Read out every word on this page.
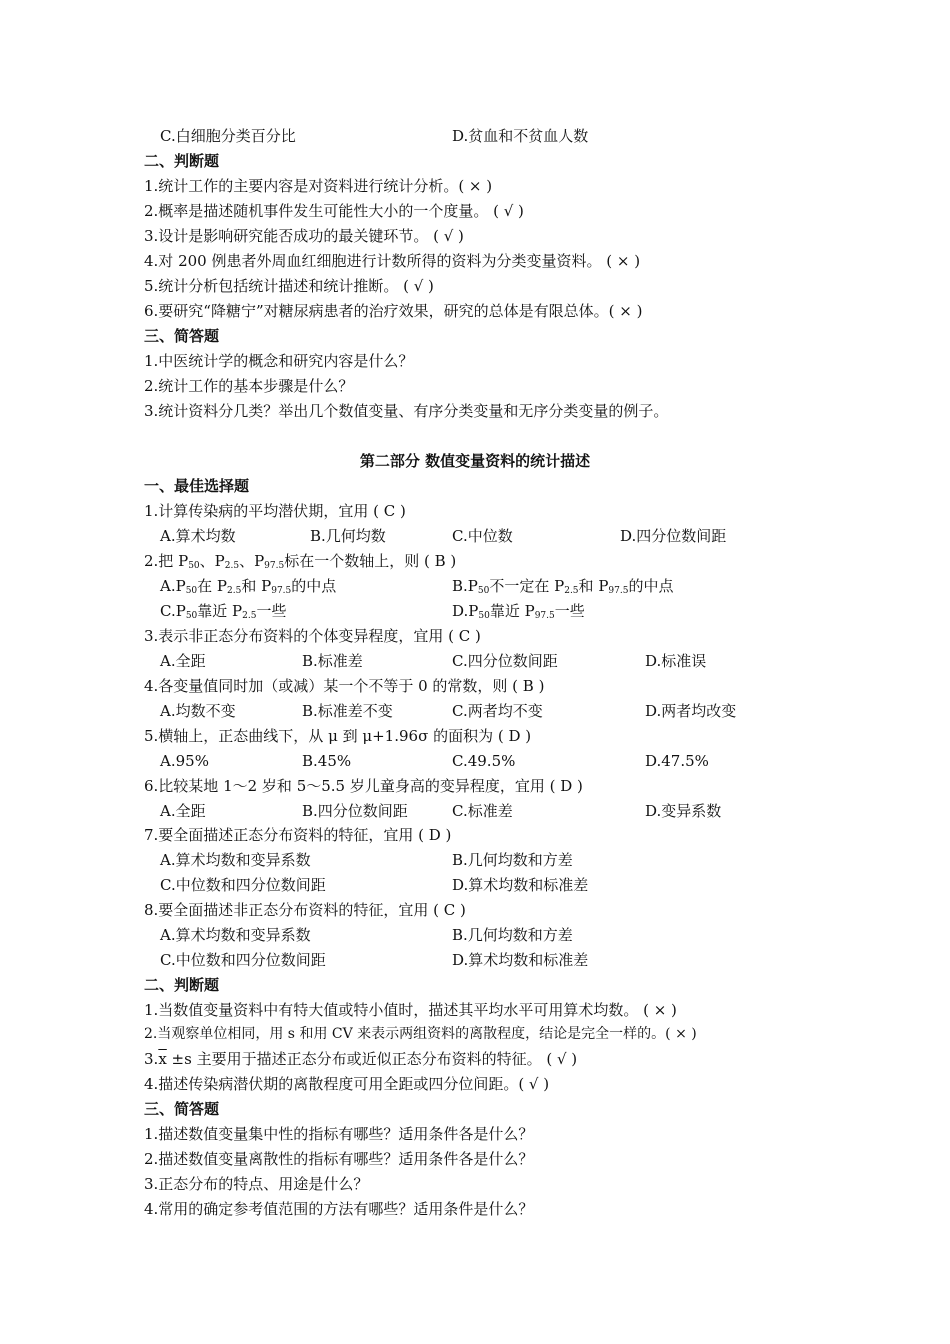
C.白细胞分类百分比	D.贫血和不贫血人数
二、判断题
1.统计工作的主要内容是对资料进行统计分析。( × )
2.概率是描述随机事件发生可能性大小的一个度量。 ( √ )
3.设计是影响研究能否成功的最关键环节。 ( √ )
4.对 200 例患者外周血红细胞进行计数所得的资料为分类变量资料。 ( × )
5.统计分析包括统计描述和统计推断。 ( √ )
6.要研究“降糖宁”对糖尿病患者的治疗效果，研究的总体是有限总体。( × )
三、简答题
1.中医统计学的概念和研究内容是什么？
2.统计工作的基本步骤是什么？
3.统计资料分几类？举出几个数值变量、有序分类变量和无序分类变量的例子。
第二部分 数值变量资料的统计描述
一、最佳选择题
1.计算传染病的平均潜伏期，宜用 ( C )
A.算术均数	B.几何均数	C.中位数	D.四分位数间距
2.把 $P_{50}$、$P_{2.5}$、$P_{97.5}$标在一个数轴上，则 ( B )
$A.P_{50}$在 $P_{2.5}$和 $P_{97.5}$的中点	$B.P_{50}$不一定在 $P_{2.5}$和 $P_{97.5}$的中点
$C.P_{50}$靠近 $P_{2.5}$一些	$D.P_{50}$靠近 $P_{97.5}$一些
3.表示非正态分布资料的个体变异程度，宜用 ( C )
A.全距	B.标准差	C.四分位数间距	D.标准误
4.各变量值同时加（或减）某一个不等于 0 的常数，则 ( B )
A.均数不变	B.标准差不变	C.两者均不变	D.两者均改变
5.横轴上，正态曲线下，从 μ 到 μ+1.96σ 的面积为 ( D )
A.95%	B.45%	C.49.5%	D.47.5%
6.比较某地 1～2 岁和 5～5.5 岁儿童身高的变异程度，宜用 ( D )
A.全距	B.四分位数间距	C.标准差	D.变异系数
7.要全面描述正态分布资料的特征，宜用 ( D )
A.算术均数和变异系数	B.几何均数和方差
C.中位数和四分位数间距	D.算术均数和标准差
8.要全面描述非正态分布资料的特征，宜用 ( C )
A.算术均数和变异系数	B.几何均数和方差
C.中位数和四分位数间距	D.算术均数和标准差
二、判断题
1.当数值变量资料中有特大值或特小值时，描述其平均水平可用算术均数。 ( × )
2.当观察单位相同，用 s 和用 CV 来表示两组资料的离散程度，结论是完全一样的。( × )
$3.\overline{x} \pm s$ 主要用于描述正态分布或近似正态分布资料的特征。 ( √ )
4.描述传染病潜伏期的离散程度可用全距或四分位间距。( √ )
三、简答题
1.描述数值变量集中性的指标有哪些？适用条件各是什么？
2.描述数值变量离散性的指标有哪些？适用条件各是什么？
3.正态分布的特点、用途是什么？
4.常用的确定参考值范围的方法有哪些？适用条件是什么？
